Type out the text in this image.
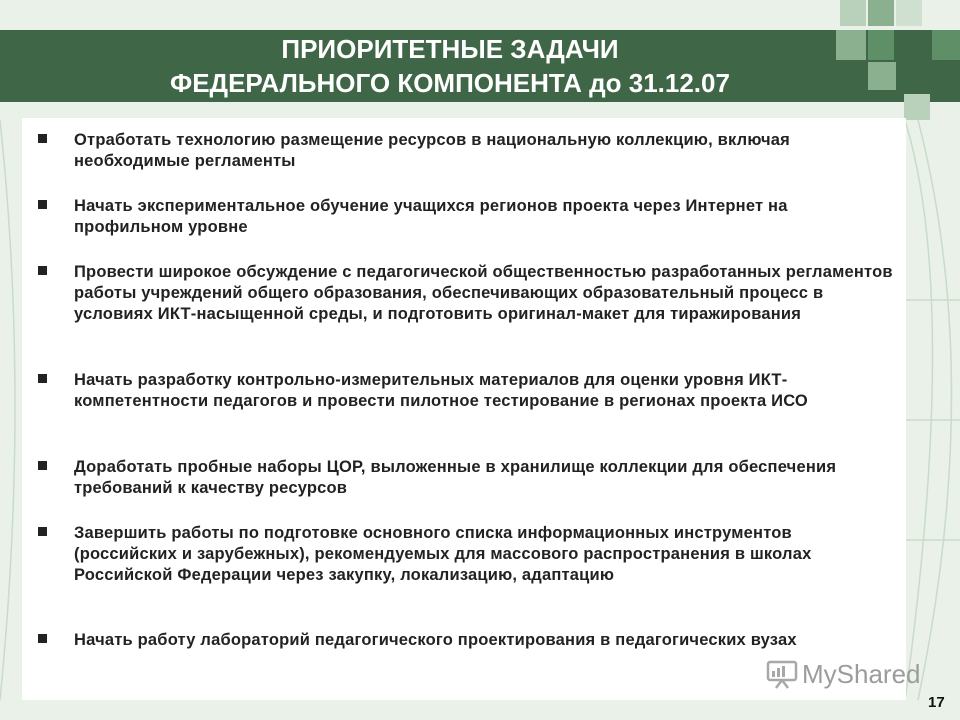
ПРИОРИТЕТНЫЕ ЗАДАЧИ
ФЕДЕРАЛЬНОГО КОМПОНЕНТА до 31.12.07
Отработать технологию размещение ресурсов в национальную коллекцию, включая необходимые регламенты
Начать экспериментальное обучение учащихся регионов проекта через Интернет на профильном уровне
Провести широкое обсуждение с педагогической общественностью разработанных регламентов работы учреждений общего образования, обеспечивающих образовательный процесс в условиях ИКТ-насыщенной среды, и подготовить оригинал-макет для тиражирования
Начать разработку контрольно-измерительных материалов для оценки уровня ИКТ-компетентности педагогов и провести пилотное тестирование в регионах проекта ИСО
Доработать пробные наборы ЦОР, выложенные в хранилище коллекции для обеспечения требований к качеству ресурсов
Завершить работы по подготовке основного списка информационных инструментов (российских и зарубежных), рекомендуемых для массового распространения в школах Российской Федерации через закупку, локализацию, адаптацию
Начать работу лабораторий педагогического проектирования в педагогических вузах
MyShared
17
